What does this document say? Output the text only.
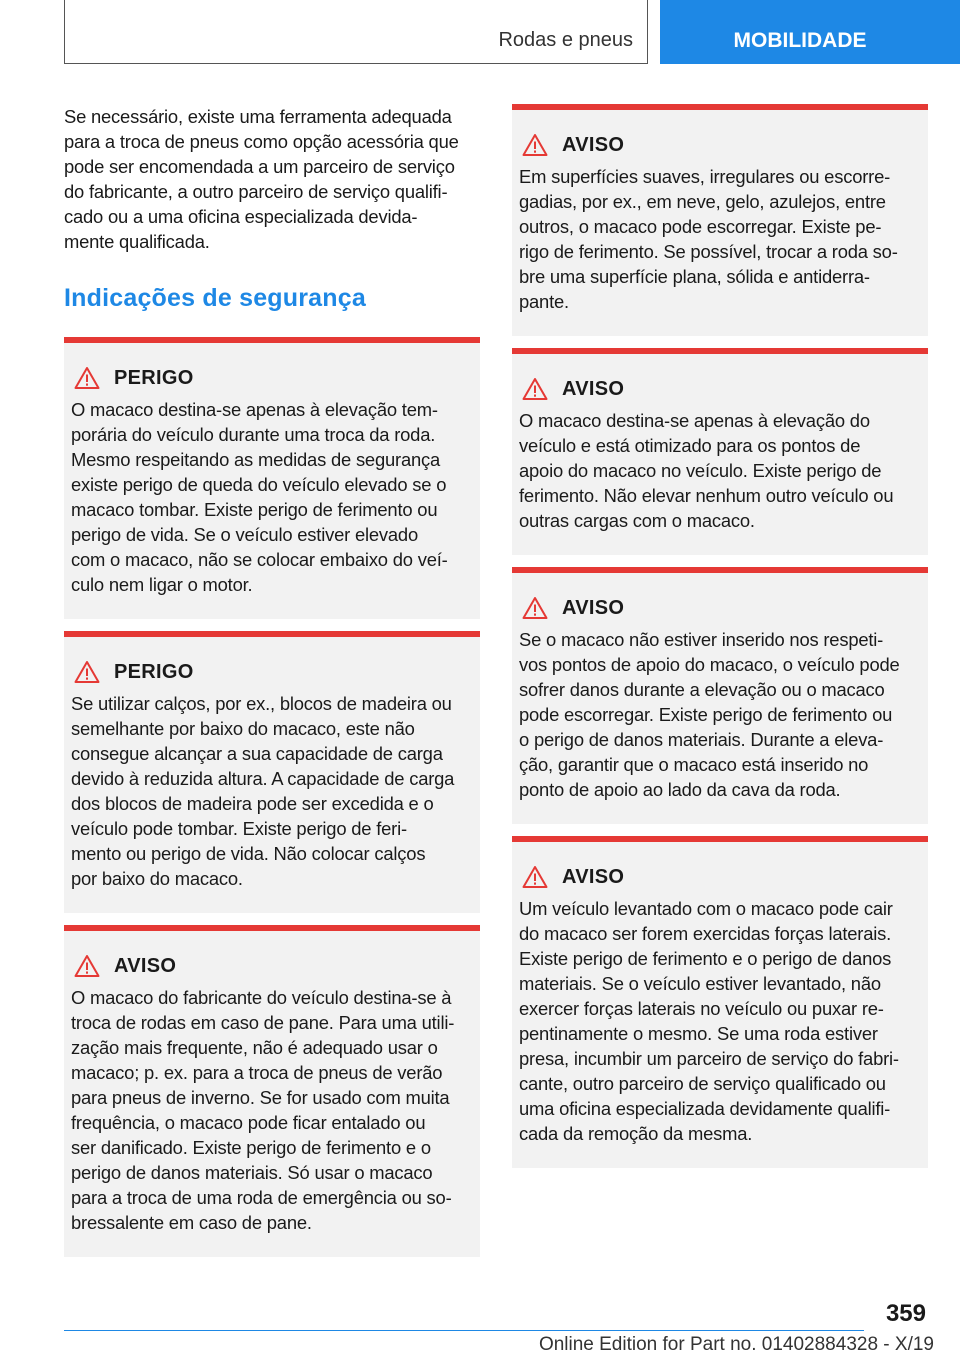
Rodas e pneus	MOBILIDADE

Se necessário, existe uma ferramenta adequada
para a troca de pneus como opção acessória que
pode ser encomendada a um parceiro de serviço
do fabricante, a outro parceiro de serviço qualifi‐
cado ou a uma oficina especializada devida‐
mente qualificada.

Indicações de segurança
PERIGO
O macaco destina-se apenas à elevação tem‐
porária do veículo durante uma troca da roda.
Mesmo respeitando as medidas de segurança
existe perigo de queda do veículo elevado se o
macaco tombar. Existe perigo de ferimento ou
perigo de vida. Se o veículo estiver elevado
com o macaco, não se colocar embaixo do veí‐
culo nem ligar o motor.
PERIGO
Se utilizar calços, por ex., blocos de madeira ou
semelhante por baixo do macaco, este não
consegue alcançar a sua capacidade de carga
devido à reduzida altura. A capacidade de carga
dos blocos de madeira pode ser excedida e o
veículo pode tombar. Existe perigo de feri‐
mento ou perigo de vida. Não colocar calços
por baixo do macaco.
AVISO
O macaco do fabricante do veículo destina-se à
troca de rodas em caso de pane. Para uma utili‐
zação mais frequente, não é adequado usar o
macaco; p. ex. para a troca de pneus de verão
para pneus de inverno. Se for usado com muita
frequência, o macaco pode ficar entalado ou
ser danificado. Existe perigo de ferimento e o
perigo de danos materiais. Só usar o macaco
para a troca de uma roda de emergência ou so‐
bressalente em caso de pane.
AVISO
Em superfícies suaves, irregulares ou escorre‐
gadias, por ex., em neve, gelo, azulejos, entre
outros, o macaco pode escorregar. Existe pe‐
rigo de ferimento. Se possível, trocar a roda so‐
bre uma superfície plana, sólida e antiderra‐
pante.
AVISO
O macaco destina-se apenas à elevação do
veículo e está otimizado para os pontos de
apoio do macaco no veículo. Existe perigo de
ferimento. Não elevar nenhum outro veículo ou
outras cargas com o macaco.
AVISO
Se o macaco não estiver inserido nos respeti‐
vos pontos de apoio do macaco, o veículo pode
sofrer danos durante a elevação ou o macaco
pode escorregar. Existe perigo de ferimento ou
o perigo de danos materiais. Durante a eleva‐
ção, garantir que o macaco está inserido no
ponto de apoio ao lado da cava da roda.
AVISO
Um veículo levantado com o macaco pode cair
do macaco ser forem exercidas forças laterais.
Existe perigo de ferimento e o perigo de danos
materiais. Se o veículo estiver levantado, não
exercer forças laterais no veículo ou puxar re‐
pentinamente o mesmo. Se uma roda estiver
presa, incumbir um parceiro de serviço do fabri‐
cante, outro parceiro de serviço qualificado ou
uma oficina especializada devidamente qualifi‐
cada da remoção da mesma.
359
Online Edition for Part no. 01402884328 - X/19
